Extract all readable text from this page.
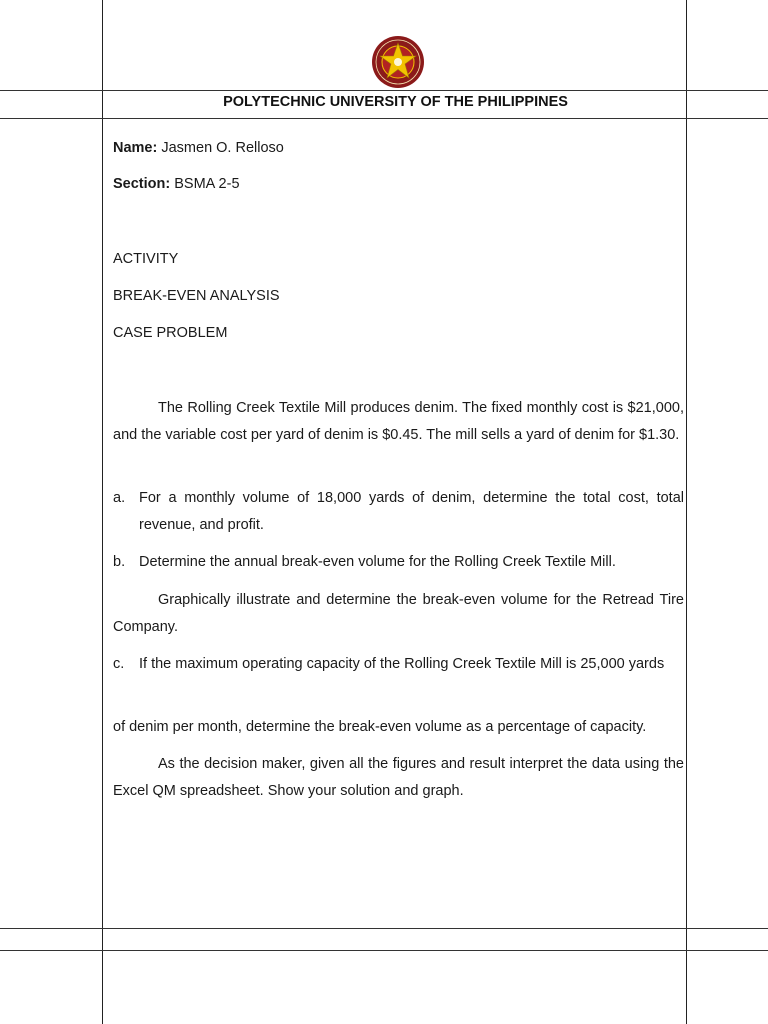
POLYTECHNIC UNIVERSITY OF THE PHILIPPINES
Name: Jasmen O. Relloso
Section: BSMA 2-5
ACTIVITY
BREAK-EVEN ANALYSIS
CASE PROBLEM

The Rolling Creek Textile Mill produces denim. The fixed monthly cost is $21,000, and the variable cost per yard of denim is $0.45. The mill sells a yard of denim for $1.30.

a. For a monthly volume of 18,000 yards of denim, determine the total cost, total revenue, and profit.
b. Determine the annual break-even volume for the Rolling Creek Textile Mill.

Graphically illustrate and determine the break-even volume for the Retread Tire Company.

c. If the maximum operating capacity of the Rolling Creek Textile Mill is 25,000 yards

of denim per month, determine the break-even volume as a percentage of capacity.

As the decision maker, given all the figures and result interpret the data using the Excel QM spreadsheet. Show your solution and graph.
